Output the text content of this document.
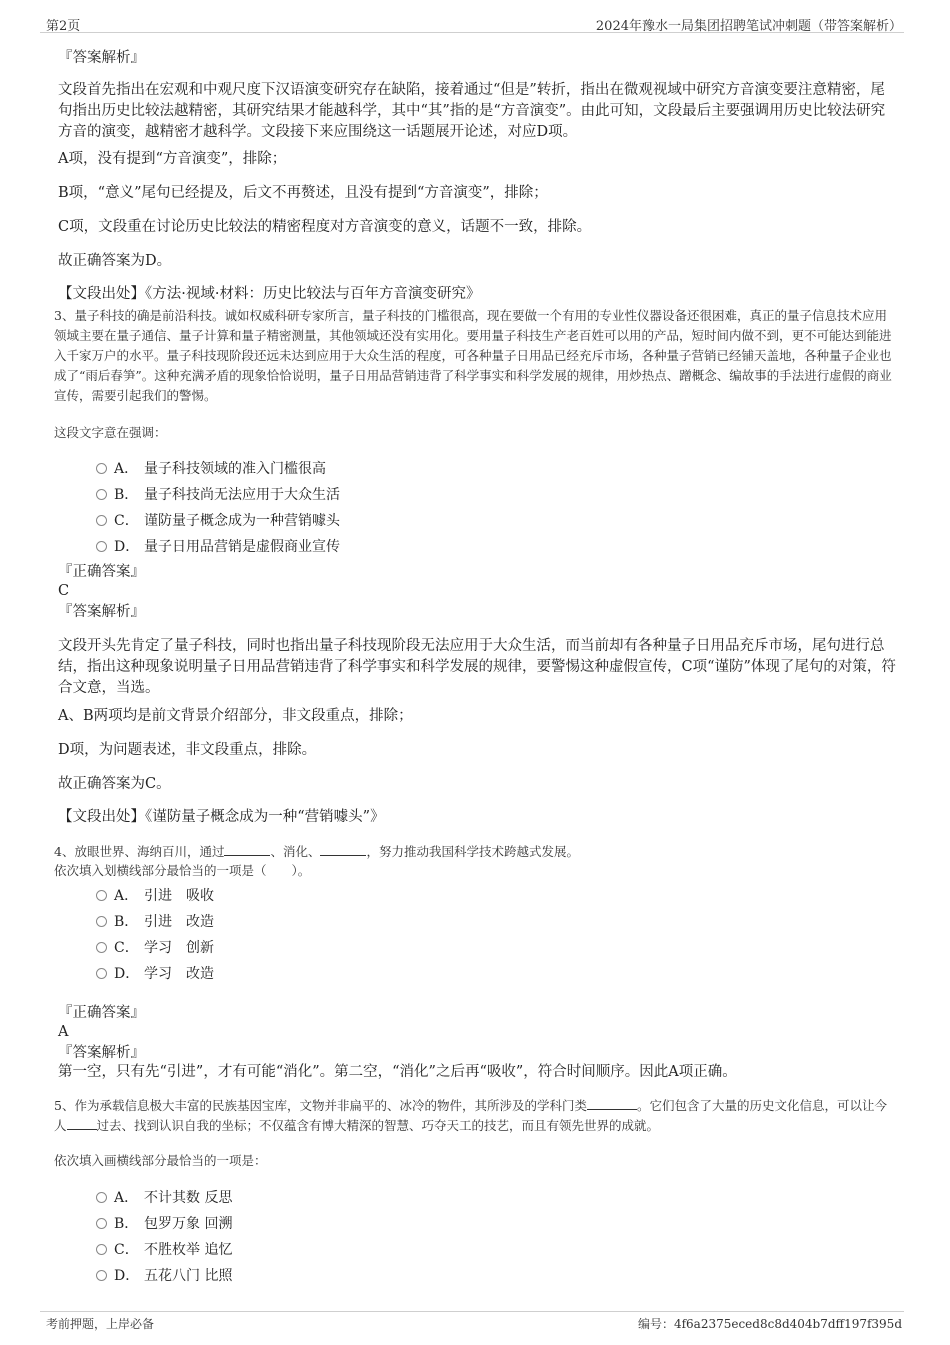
第2页	2024年豫水一局集团招聘笔试冲刺题（带答案解析）
『答案解析』
文段首先指出在宏观和中观尺度下汉语演变研究存在缺陷，接着通过“但是”转折，指出在微观视域中研究方音演变要注意精密，尾句指出历史比较法越精密，其研究结果才能越科学，其中“其”指的是“方音演变”。由此可知，文段最后主要强调用历史比较法研究方音的演变，越精密才越科学。文段接下来应围绕这一话题展开论述，对应D项。
A项，没有提到“方音演变”，排除；
B项，“意义”尾句已经提及，后文不再赘述，且没有提到“方音演变”，排除；
C项，文段重在讨论历史比较法的精密程度对方音演变的意义，话题不一致，排除。
故正确答案为D。
【文段出处】《方法·视域·材料：历史比较法与百年方音演变研究》
3、量子科技的确是前沿科技。诚如权威科研专家所言，量子科技的门槛很高，现在要做一个有用的专业性仪器设备还很困难，真正的量子信息技术应用领域主要在量子通信、量子计算和量子精密测量，其他领域还没有实用化。要用量子科技生产老百姓可以用的产品，短时间内做不到，更不可能达到能进入千家万户的水平。量子科技现阶段还远未达到应用于大众生活的程度，可各种量子日用品已经充斥市场，各种量子营销已经铺天盖地，各种量子企业也成了“雨后春笋”。这种充满矛盾的现象恰恰说明，量子日用品营销违背了科学事实和科学发展的规律，用炒热点、蹭概念、编故事的手法进行虚假的商业宣传，需要引起我们的警惕。
这段文字意在强调：
A． 量子科技领域的准入门槛很高
B． 量子科技尚无法应用于大众生活
C． 谨防量子概念成为一种营销噱头
D． 量子日用品营销是虚假商业宣传
『正确答案』
C
『答案解析』
文段开头先肯定了量子科技，同时也指出量子科技现阶段无法应用于大众生活，而当前却有各种量子日用品充斥市场，尾句进行总结，指出这种现象说明量子日用品营销违背了科学事实和科学发展的规律，要警惕这种虚假宣传，C项“谨防”体现了尾句的对策，符合文意，当选。
A、B两项均是前文背景介绍部分，非文段重点，排除；
D项，为问题表述，非文段重点，排除。
故正确答案为C。
【文段出处】《谨防量子概念成为一种“营销噱头”》
4、放眼世界、海纳百川，通过	、消化、	，努力推动我国科学技术跨越式发展。
依次填入划横线部分最恰当的一项是（　　）。
A． 引进　吸收
B． 引进　改造
C． 学习　创新
D． 学习　改造
『正确答案』
A
『答案解析』
第一空，只有先“引进”，才有可能“消化”。第二空，“消化”之后再“吸收”，符合时间顺序。因此A项正确。
5、作为承载信息极大丰富的民族基因宝库，文物并非扁平的、冰冷的物件，其所涉及的学科门类	。它们包含了大量的历史文化信息，可以让今人 过去、找到认识自我的坐标；不仅蕴含有博大精深的智慧、巧夺天工的技艺，而且有领先世界的成就。
依次填入画横线部分最恰当的一项是：
A． 不计其数 反思
B． 包罗万象 回溯
C． 不胜枚举 追忆
D． 五花八门 比照
考前押题，上岸必备	编号：4f6a2375eced8c8d404b7dff197f395d
